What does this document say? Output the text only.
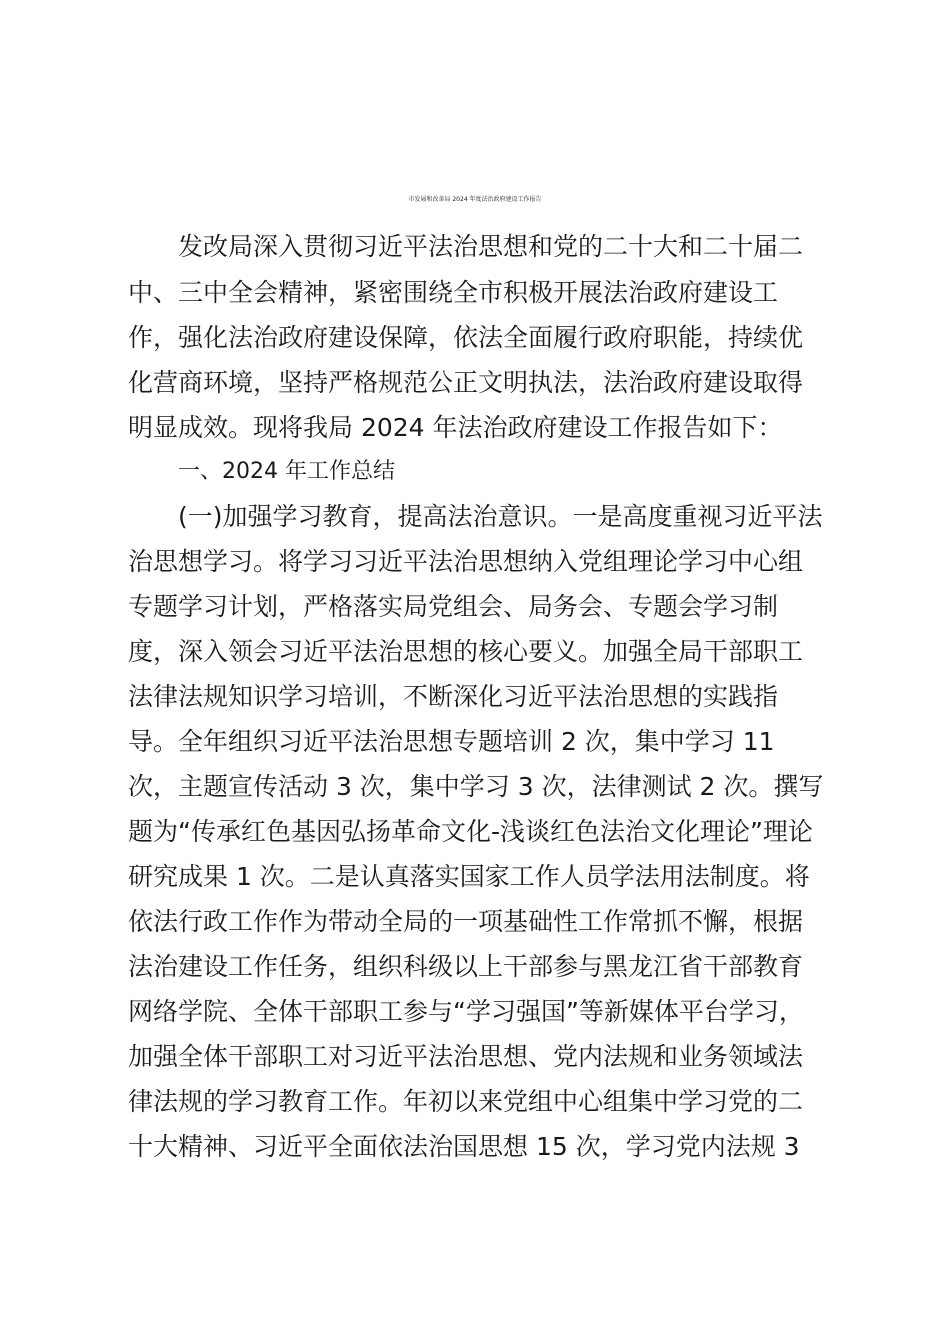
市发展和改革局 2024 年度法治政府建设工作报告

发改局深入贯彻习近平法治思想和党的二十大和二十届二

中、三中全会精神，紧密围绕全市积极开展法治政府建设工

作，强化法治政府建设保障，依法全面履行政府职能，持续优

化营商环境，坚持严格规范公正文明执法，法治政府建设取得

明显成效。现将我局 2024 年法治政府建设工作报告如下：

一、2024 年工作总结

(一)加强学习教育，提高法治意识。一是高度重视习近平法

治思想学习。将学习习近平法治思想纳入党组理论学习中心组

专题学习计划，严格落实局党组会、局务会、专题会学习制

度，深入领会习近平法治思想的核心要义。加强全局干部职工

法律法规知识学习培训，不断深化习近平法治思想的实践指

导。全年组织习近平法治思想专题培训 2 次，集中学习 11

次，主题宣传活动 3 次，集中学习 3 次，法律测试 2 次。撰写

题为“传承红色基因弘扬革命文化-浅谈红色法治文化理论”理论

研究成果 1 次。二是认真落实国家工作人员学法用法制度。将

依法行政工作作为带动全局的一项基础性工作常抓不懈，根据

法治建设工作任务，组织科级以上干部参与黑龙江省干部教育

网络学院、全体干部职工参与“学习强国”等新媒体平台学习，

加强全体干部职工对习近平法治思想、党内法规和业务领域法

律法规的学习教育工作。年初以来党组中心组集中学习党的二

十大精神、习近平全面依法治国思想 15 次，学习党内法规 3
